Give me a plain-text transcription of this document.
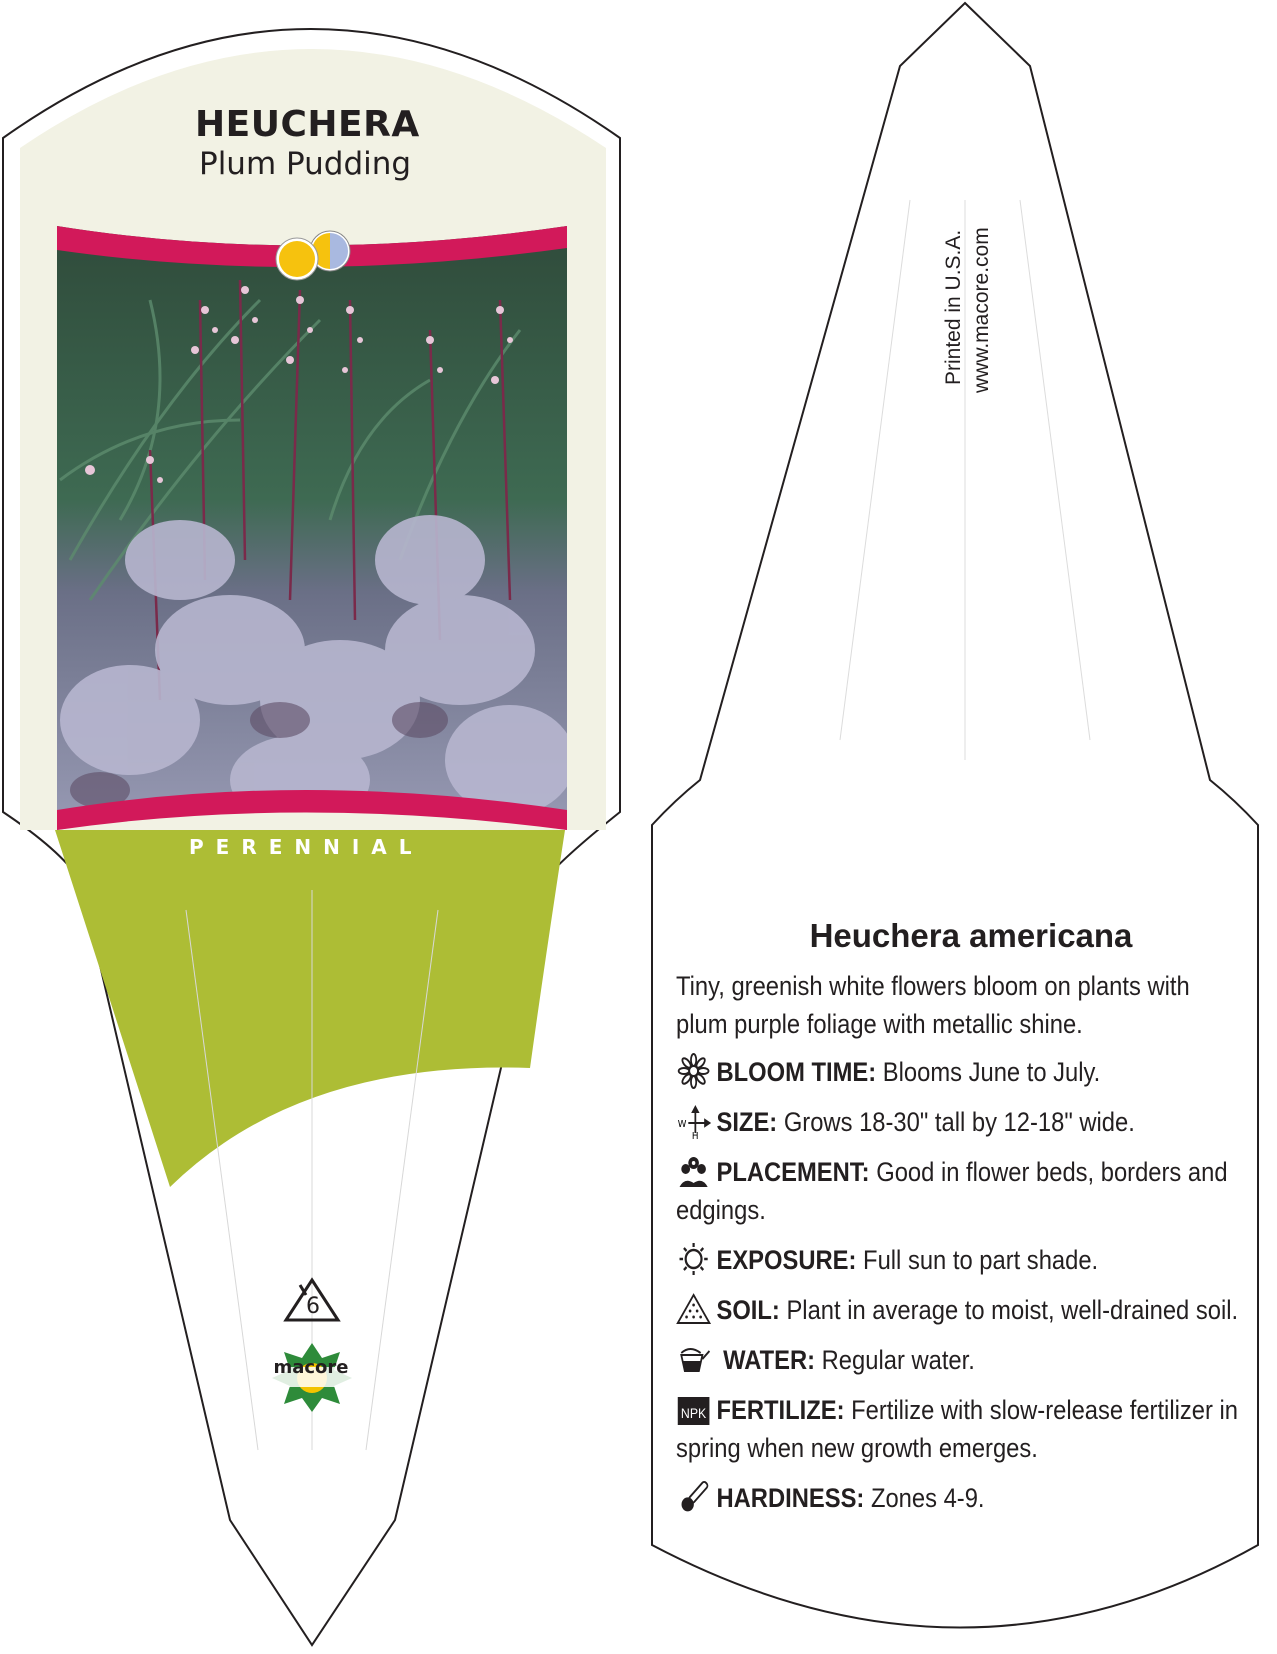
HEUCHERA
Plum Pudding
PERENNIAL
6
macore
Printed in U.S.A. www.macore.com
Heuchera americana
Tiny, greenish white flowers bloom on plants with plum purple foliage with metallic shine.
BLOOM TIME: Blooms June to July.
W
H SIZE: Grows 18-30" tall by 12-18" wide.
PLACEMENT: Good in flower beds, borders and edgings.
EXPOSURE: Full sun to part shade.
SOIL: Plant in average to moist, well-drained soil.
WATER: Regular water.
NPK FERTILIZE: Fertilize with slow-release fertilizer in spring when new growth emerges.
HARDINESS: Zones 4-9.
